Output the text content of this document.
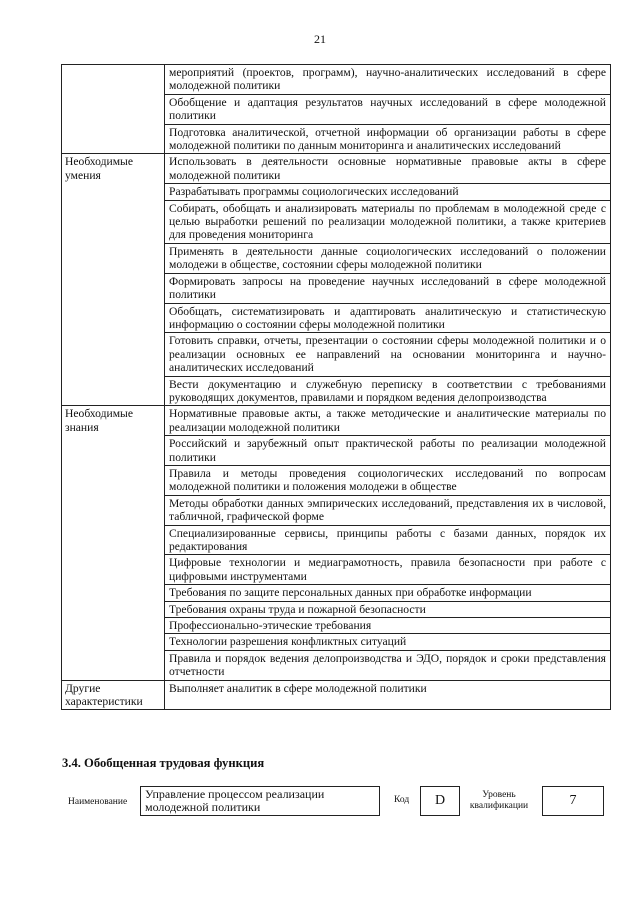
21
	мероприятий (проектов, программ), научно-аналитических исследований в сфере молодежной политики
	Обобщение и адаптация результатов научных исследований в сфере молодежной политики
	Подготовка аналитической, отчетной информации об организации работы в сфере молодежной политики по данным мониторинга и аналитических исследований
Необходимые умения	Использовать в деятельности основные нормативные правовые акты в сфере молодежной политики
	Разрабатывать программы социологических исследований
	Собирать, обобщать и анализировать материалы по проблемам в молодежной среде с целью выработки решений по реализации молодежной политики, а также критериев для проведения мониторинга
	Применять в деятельности данные социологических исследований о положении молодежи в обществе, состоянии сферы молодежной политики
	Формировать запросы на проведение научных исследований в сфере молодежной политики
	Обобщать, систематизировать и адаптировать аналитическую и статистическую информацию о состоянии сферы молодежной политики
	Готовить справки, отчеты, презентации о состоянии сферы молодежной политики и о реализации основных ее направлений на основании мониторинга и научно-аналитических исследований
	Вести документацию и служебную переписку в соответствии с требованиями руководящих документов, правилами и порядком ведения делопроизводства
Необходимые знания	Нормативные правовые акты, а также методические и аналитические материалы по реализации молодежной политики
	Российский и зарубежный опыт практической работы по реализации молодежной политики
	Правила и методы проведения социологических исследований по вопросам молодежной политики и положения молодежи в обществе
	Методы обработки данных эмпирических исследований, представления их в числовой, табличной, графической форме
	Специализированные сервисы, принципы работы с базами данных, порядок их редактирования
	Цифровые технологии и медиаграмотность, правила безопасности при работе с цифровыми инструментами
	Требования по защите персональных данных при обработке информации
	Требования охраны труда и пожарной безопасности
	Профессионально-этические требования
	Технологии разрешения конфликтных ситуаций
	Правила и порядок ведения делопроизводства и ЭДО, порядок и сроки представления отчетности
Другие характеристики	Выполняет аналитик в сфере молодежной политики
3.4. Обобщенная трудовая функция
Наименование
Управление процессом реализации молодежной политики	Код	D	Уровень квалификации	7
